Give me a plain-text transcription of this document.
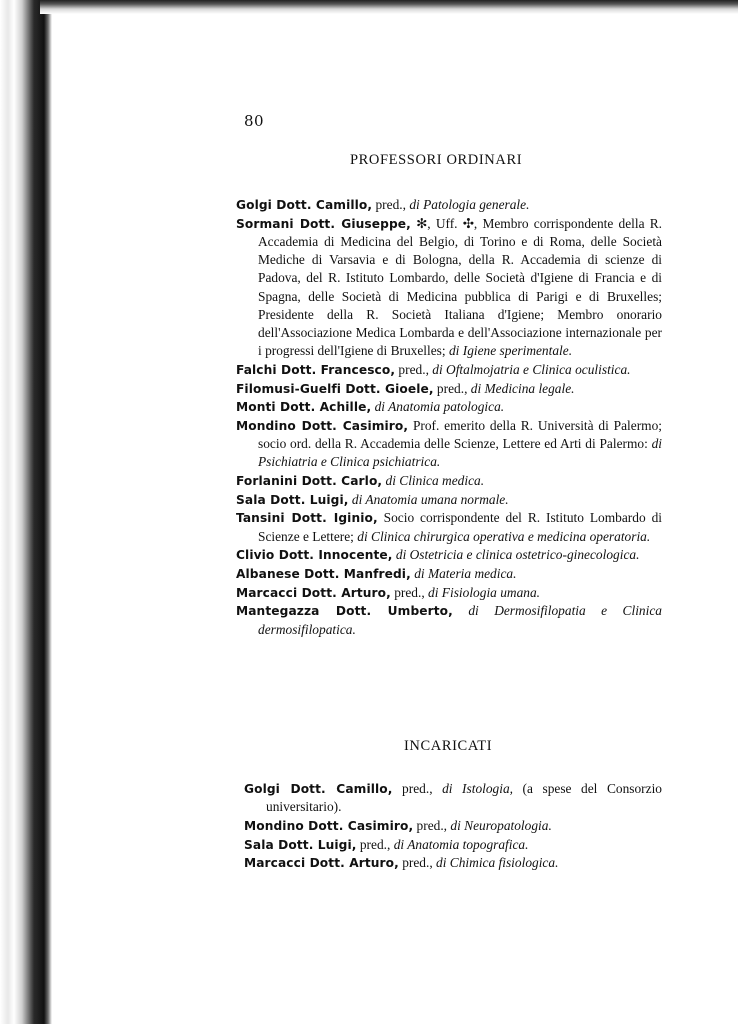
80
PROFESSORI ORDINARI

Golgi Dott. Camillo, pred., di Patologia generale.

Sormani Dott. Giuseppe, ✻, Uff. ✣, Membro corrispondente della R. Accademia di Medicina del Belgio, di Torino e di Roma, delle Società Mediche di Varsavia e di Bologna, della R. Accademia di scienze di Padova, del R. Istituto Lombardo, delle Società d'Igiene di Francia e di Spagna, delle Società di Medicina pubblica di Parigi e di Bruxelles; Presidente della R. Società Italiana d'Igiene; Membro onorario dell'Associazione Medica Lombarda e dell'Associazione internazionale per i progressi dell'Igiene di Bruxelles; di Igiene sperimentale.

Falchi Dott. Francesco, pred., di Oftalmojatria e Clinica oculistica.

Filomusi-Guelfi Dott. Gioele, pred., di Medicina legale.

Monti Dott. Achille, di Anatomia patologica.

Mondino Dott. Casimiro, Prof. emerito della R. Università di Palermo; socio ord. della R. Accademia delle Scienze, Lettere ed Arti di Palermo: di Psichiatria e Clinica psichiatrica.

Forlanini Dott. Carlo, di Clinica medica.

Sala Dott. Luigi, di Anatomia umana normale.

Tansini Dott. Iginio, Socio corrispondente del R. Istituto Lombardo di Scienze e Lettere; di Clinica chirurgica operativa e medicina operatoria.

Clivio Dott. Innocente, di Ostetricia e clinica ostetrico-ginecologica.

Albanese Dott. Manfredi, di Materia medica.

Marcacci Dott. Arturo, pred., di Fisiologia umana.

Mantegazza Dott. Umberto, di Dermosifilopatia e Clinica dermosifilopatica.

INCARICATI

Golgi Dott. Camillo, pred., di Istologia, (a spese del Consorzio universitario).

Mondino Dott. Casimiro, pred., di Neuropatologia.

Sala Dott. Luigi, pred., di Anatomia topografica.

Marcacci Dott. Arturo, pred., di Chimica fisiologica.
